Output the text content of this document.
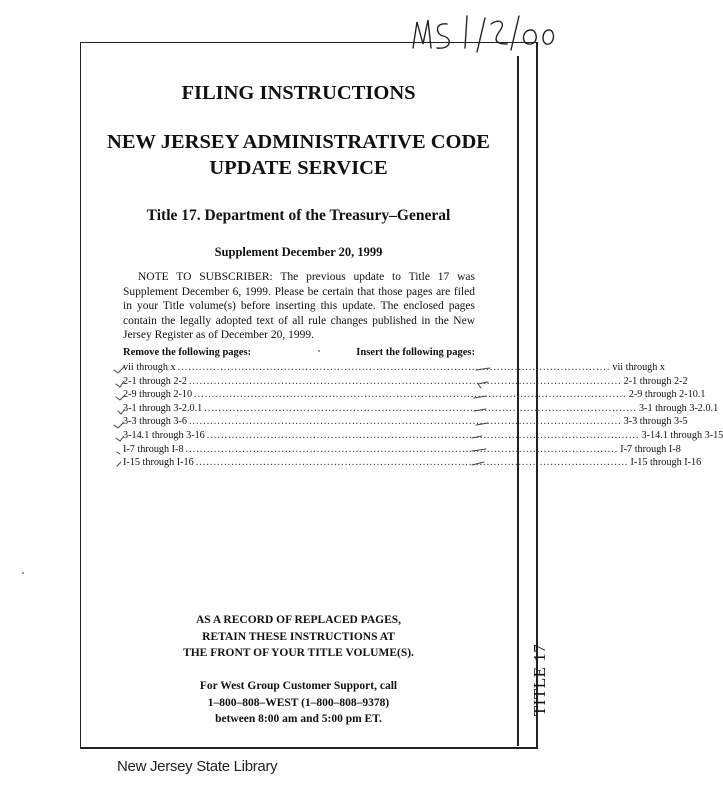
TITLE 17
FILING INSTRUCTIONS
NEW JERSEY ADMINISTRATIVE CODE
UPDATE SERVICE
Title 17. Department of the Treasury–General
Supplement December 20, 1999
NOTE TO SUBSCRIBER: The previous update to Title 17 was Supplement December 6, 1999. Please be certain that those pages are filed in your Title volume(s) before inserting this update. The enclosed pages contain the legally adopted text of all rule changes published in the New Jersey Register as of December 20, 1999.
Remove the following pages:	Insert the following pages:
vii through x .......................................................................................................................... vii through x
2-1 through 2-2 .......................................................................................................................... 2-1 through 2-2
2-9 through 2-10 .......................................................................................................................... 2-9 through 2-10.1
3-1 through 3-2.0.1 .......................................................................................................................... 3-1 through 3-2.0.1
3-3 through 3-6 .......................................................................................................................... 3-3 through 3-5
3-14.1 through 3-16 .......................................................................................................................... 3-14.1 through 3-15
I-7 through I-8 .......................................................................................................................... I-7 through I-8
I-15 through I-16 .......................................................................................................................... I-15 through I-16
AS A RECORD OF REPLACED PAGES,
RETAIN THESE INSTRUCTIONS AT
THE FRONT OF YOUR TITLE VOLUME(S).
For West Group Customer Support, call
1–800–808–WEST (1–800–808–9378)
between 8:00 am and 5:00 pm ET.
New Jersey State Library
